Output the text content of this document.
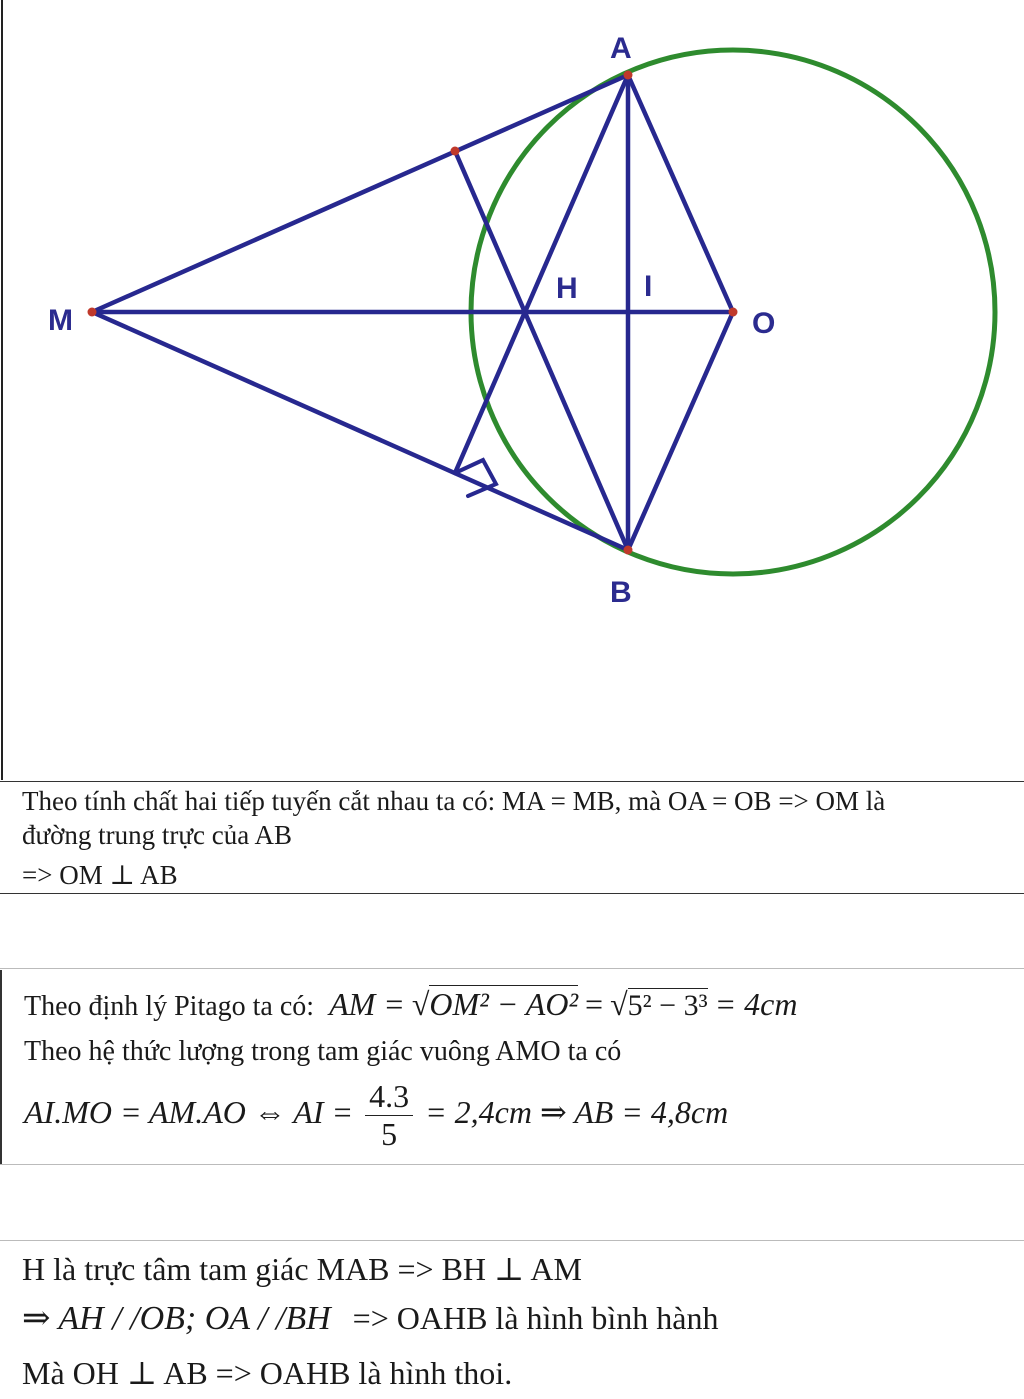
A
B
M	O
H I
Theo tính chất hai tiếp tuyến cắt nhau ta có: MA = MB, mà OA = OB => OM là
đường trung trực của AB
=> OM ⊥ AB
Theo định lý Pitago ta có: AM = √OM² − AO² = √5² − 3³ = 4cm
Theo hệ thức lượng trong tam giác vuông AMO ta có
AI.MO = AM.AO ⇔ AI = $\frac{4.3}{5} = 2,4cm$ ⇒ AB = 4,8cm
H là trực tâm tam giác MAB => BH ⊥ AM
⇒ AH / /OB; OA / /BH => OAHB là hình bình hành
Mà OH ⊥ AB => OAHB là hình thoi.
